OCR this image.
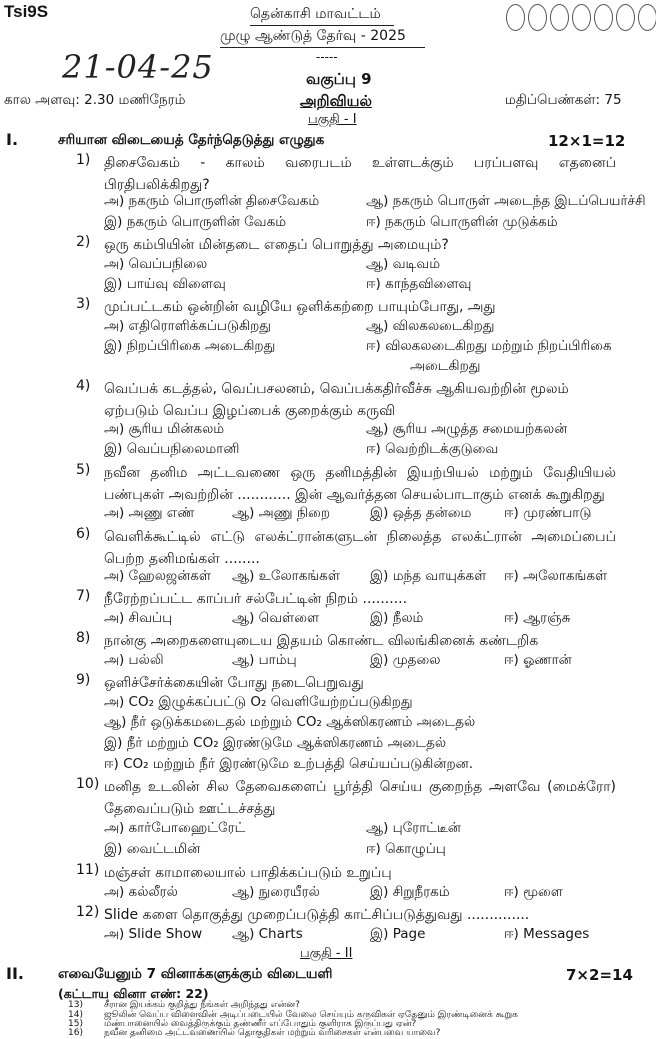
Tsi9S	தென்காசி மாவட்டம்
முழு ஆண்டுத் தேர்வு - 2025
-----
21-04-25	வகுப்பு 9
அறிவியல்
கால அளவு: 2.30 மணிநேரம்	மதிப்பெண்கள்: 75
பகுதி - I
I.	சரியான விடையைத் தேர்ந்தெடுத்து எழுதுக	12×1=12
1) திசைவேகம் - காலம் வரைபடம் உள்ளடக்கும் பரப்பளவு எதனைப் பிரதிபலிக்கிறது?
அ) நகரும் பொருளின் திசைவேகம்	ஆ) நகரும் பொருள் அடைந்த இடப்பெயர்ச்சி
இ) நகரும் பொருளின் வேகம்	ஈ) நகரும் பொருளின் முடுக்கம்
2) ஒரு கம்பியின் மின்தடை எதைப் பொறுத்து அமையும்?
அ) வெப்பநிலை	ஆ) வடிவம்
இ) பாய்வு விளைவு	ஈ) காந்தவிளைவு
3) முப்பட்டகம் ஒன்றின் வழியே ஒளிக்கற்றை பாயும்போது, அது
அ) எதிரொளிக்கப்படுகிறது	ஆ) விலகலடைகிறது
இ) நிறப்பிரிகை அடைகிறது	ஈ) விலகலடைகிறது மற்றும் நிறப்பிரிகை
அடைகிறது
4) வெப்பக் கடத்தல், வெப்பசலனம், வெப்பக்கதிர்வீச்சு ஆகியவற்றின் மூலம் ஏற்படும் வெப்ப இழப்பைக் குறைக்கும் கருவி
அ) சூரிய மின்கலம்	ஆ) சூரிய அழுத்த சமையற்கலன்
இ) வெப்பநிலைமானி	ஈ) வெற்றிடக்குடுவை
5) நவீன தனிம அட்டவணை ஒரு தனிமத்தின் இயற்பியல் மற்றும் வேதியியல் பண்புகள் அவற்றின் ............ இன் ஆவர்த்தன செயல்பாடாகும் எனக் கூறுகிறது
அ) அணு எண்	ஆ) அணு நிறை	இ) ஒத்த தன்மை ஈ) முரண்பாடு
6) வெளிக்கூட்டில் எட்டு எலக்ட்ரான்களுடன் நிலைத்த எலக்ட்ரான் அமைப்பைப் பெற்ற தனிமங்கள் ........
அ) ஹேலஜன்கள் ஆ) உலோகங்கள் இ) மந்த வாயுக்கள் ஈ) அலோகங்கள்
7) நீரேற்றப்பட்ட காப்பர் சல்பேட்டின் நிறம் ..........
அ) சிவப்பு	ஆ) வெள்ளை	இ) நீலம்	ஈ) ஆரஞ்சு
8) நான்கு அறைகளையுடைய இதயம் கொண்ட விலங்கினைக் கண்டறிக
அ) பல்லி	ஆ) பாம்பு	இ) முதலை	ஈ) ஓணான்
9) ஒளிச்சேர்க்கையின் போது நடைபெறுவது
அ) CO₂ இழுக்கப்பட்டு O₂ வெளியேற்றப்படுகிறது
ஆ) நீர் ஒடுக்கமடைதல் மற்றும் CO₂ ஆக்ஸிகரணம் அடைதல்
இ) நீர் மற்றும் CO₂ இரண்டுமே ஆக்ஸிகரணம் அடைதல்
ஈ) CO₂ மற்றும் நீர் இரண்டுமே உற்பத்தி செய்யப்படுகின்றன.
10) மனித உடலின் சில தேவைகளைப் பூர்த்தி செய்ய குறைந்த அளவே (மைக்ரோ) தேவைப்படும் ஊட்டச்சத்து
அ) கார்போஹைட்ரேட்	ஆ) புரோட்டீன்
இ) வைட்டமின்	ஈ) கொழுப்பு
11) மஞ்சள் காமாலையால் பாதிக்கப்படும் உறுப்பு
அ) கல்லீரல்	ஆ) நுரையீரல்	இ) சிறுநீரகம்	ஈ) மூளை
12) Slide களை தொகுத்து முறைப்படுத்தி காட்சிப்படுத்துவது ..............
அ) Slide Show ஆ) Charts	இ) Page	ஈ) Messages
பகுதி - II
II.	எவையேனும் 7 வினாக்களுக்கும் விடையளி	7×2=14
(கட்டாய வினா எண்: 22)
13) சீரான இயக்கம் குறித்து நீங்கள் அறிந்தது என்ன?
14) ஜூலின் வெப்ப விளைவின் அடிப்படையில் வேலை செய்யும் கருவிகள் ஏதேனும் இரண்டினைக் கூறுக
15) மண்பானையில் வைத்திருக்கும் தண்ணீர் எப்போதும் குளிராக இருப்பது ஏன்?
16) நவீன தனிமை அட்டவணையில் தொகுதிகள் மற்றும் வரிசைகள் என்பவை யாவை?
